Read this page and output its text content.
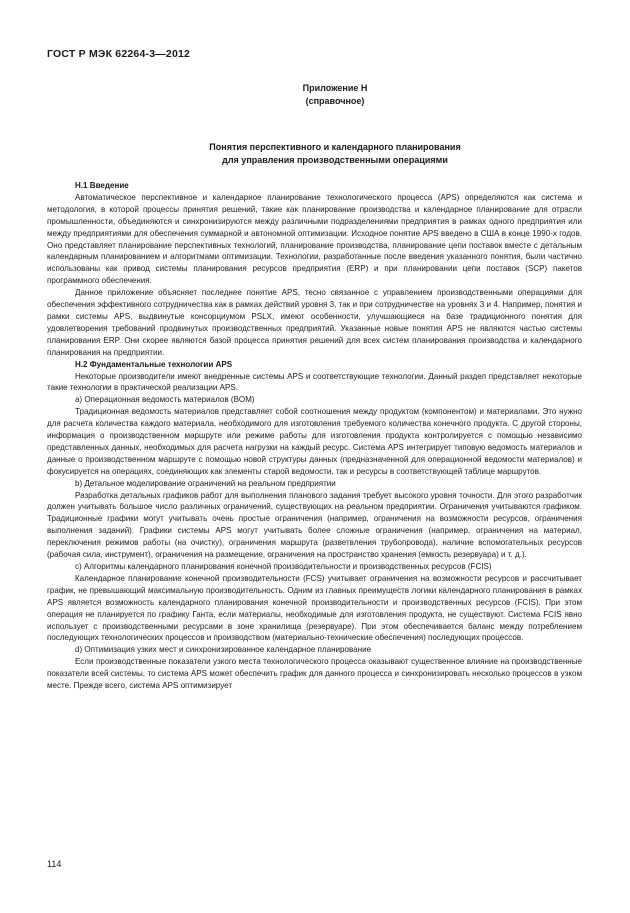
ГОСТ Р МЭК 62264-3—2012
Приложение Н
(справочное)
Понятия перспективного и календарного планирования
для управления производственными операциями

Н.1 Введение

Автоматическое перспективное и календарное планирование технологического процесса (APS) определяются как система и методология, в которой процессы принятия решений, такие как планирование производства и календарное планирование для отрасли промышленности, объединяются и синхронизируются между различными подразделениями предприятия в рамках одного предприятия или между предприятиями для обеспечения суммарной и автономной оптимизации. Исходное понятие APS введено в США в конце 1990-х годов. Оно представляет планирование перспективных технологий, планирование производства, планирование цепи поставок вместе с детальным календарным планированием и алгоритмами оптимизации. Технологии, разработанные после введения указанного понятия, были частично использованы как привод системы планирования ресурсов предприятия (ERP) и при планировании цепи поставок (SCP) пакетов программного обеспечения.

Данное приложение объясняет последнее понятие APS, тесно связанное с управлением производственными операциями для обеспечения эффективного сотрудничества как в рамках действий уровня 3, так и при сотрудничестве на уровнях 3 и 4. Например, понятия и рамки системы APS, выдвинутые консорциумом PSLX, имеют особенности, улучшающиеся на базе традиционного понятия для удовлетворения требований продвинутых производственных предприятий. Указанные новые понятия APS не являются частью системы планирования ERP. Они скорее являются базой процесса принятия решений для всех систем планирования производства и календарного планирования на предприятии.

Н.2 Фундаментальные технологии APS

Некоторые производители имеют внедренные системы APS и соответствующие технологии. Данный раздел представляет некоторые такие технологии в практической реализации APS.

а) Операционная ведомость материалов (BOM)

Традиционная ведомость материалов представляет собой соотношения между продуктом (компонентом) и материалами. Это нужно для расчета количества каждого материала, необходимого для изготовления требуемого количества конечного продукта. С другой стороны, информация о производственном маршруте или режиме работы для изготовления продукта контролируется с помощью независимо представленных данных, необходимых для расчета нагрузки на каждый ресурс. Система APS интегрирует типовую ведомость материалов и данные о производственном маршруте с помощью новой структуры данных (предназначенной для операционной ведомости материалов) и фокусируется на операциях, соединяющих как элементы старой ведомости, так и ресурсы в соответствующей таблице маршрутов.

b) Детальное моделирование ограничений на реальном предприятии

Разработка детальных графиков работ для выполнения планового задания требует высокого уровня точности. Для этого разработчик должен учитывать большое число различных ограничений, существующих на реальном предприятии. Ограничения учитываются графиком. Традиционные графики могут учитывать очень простые ограничения (например, ограничения на возможности ресурсов, ограничения выполнения заданий). Графики системы APS могут учитывать более сложные ограничения (например, ограничения на материал, переключения режимов работы (на очистку), ограничения маршрута (разветвления трубопровода), наличие вспомогательных ресурсов (рабочая сила, инструмент), ограничения на размещение, ограничения на пространство хранения (емкость резервуара) и т. д.).

c) Алгоритмы календарного планирования конечной производительности и производственных ресурсов (FCIS)

Календарное планирование конечной производительности (FCS) учитывает ограничения на возможности ресурсов и рассчитывает график, не превышающий максимальную производительность. Одним из главных преимуществ логики календарного планирования в рамках APS является возможность календарного планирования конечной производительности и производственных ресурсов (FCIS). При этом операция не планируется по графику Ганта, если материалы, необходимые для изготовления продукта, не существуют. Система FCIS явно использует с производственными ресурсами в зоне хранилища (резервуаре). При этом обеспечивается баланс между потреблением последующих технологических процессов и производством (материально-технические обеспечения) последующих процессов.

d) Оптимизация узких мест и синхронизированное календарное планирование

Если производственные показатели узкого места технологического процесса оказывают существенное влияние на производственные показатели всей системы, то система APS может обеспечить график для данного процесса и синхронизировать несколько процессов в узком месте. Прежде всего, система APS оптимизирует

114
